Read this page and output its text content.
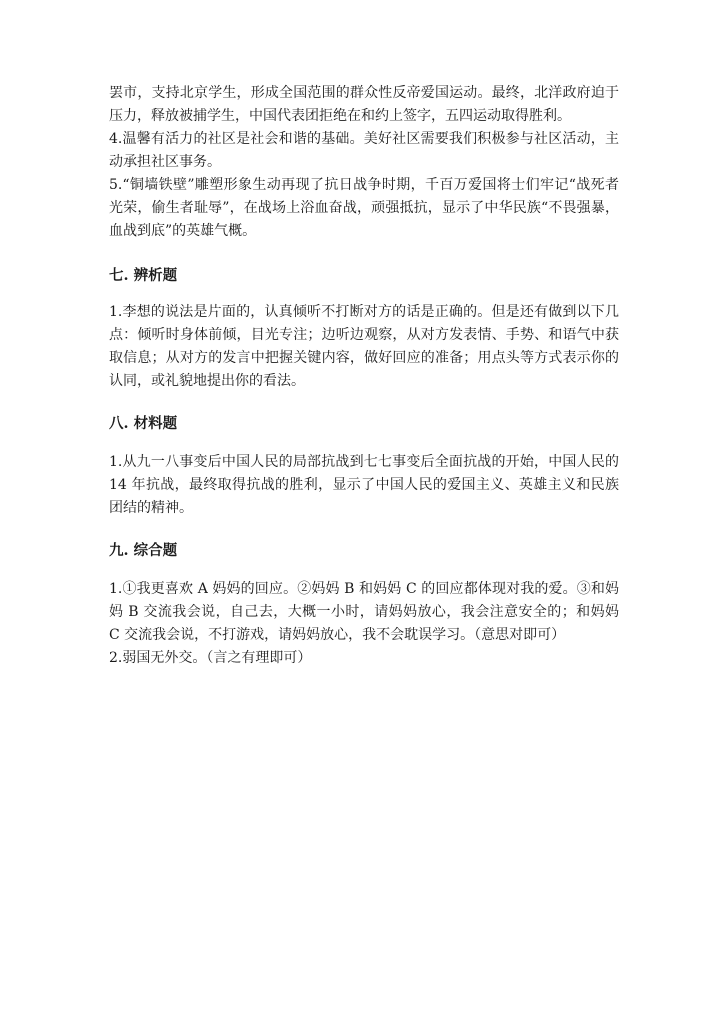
罢市，支持北京学生，形成全国范围的群众性反帝爱国运动。最终，北洋政府迫于压力，释放被捕学生，中国代表团拒绝在和约上签字，五四运动取得胜利。

4.温馨有活力的社区是社会和谐的基础。美好社区需要我们积极参与社区活动，主动承担社区事务。

5.“铜墙铁壁”雕塑形象生动再现了抗日战争时期，千百万爱国将士们牢记“战死者光荣，偷生者耻辱”，在战场上浴血奋战，顽强抵抗，显示了中华民族“不畏强暴，血战到底”的英雄气概。

七. 辨析题

1.李想的说法是片面的，认真倾听不打断对方的话是正确的。但是还有做到以下几点：倾听时身体前倾，目光专注；边听边观察，从对方发表情、手势、和语气中获取信息；从对方的发言中把握关键内容，做好回应的准备；用点头等方式表示你的认同，或礼貌地提出你的看法。

八. 材料题

1.从九一八事变后中国人民的局部抗战到七七事变后全面抗战的开始，中国人民的 14 年抗战，最终取得抗战的胜利，显示了中国人民的爱国主义、英雄主义和民族团结的精神。

九. 综合题

1.①我更喜欢 A 妈妈的回应。②妈妈 B 和妈妈 C 的回应都体现对我的爱。③和妈妈 B 交流我会说，自己去，大概一小时，请妈妈放心，我会注意安全的；和妈妈 C 交流我会说，不打游戏，请妈妈放心，我不会耽误学习。（意思对即可）

2.弱国无外交。（言之有理即可）
